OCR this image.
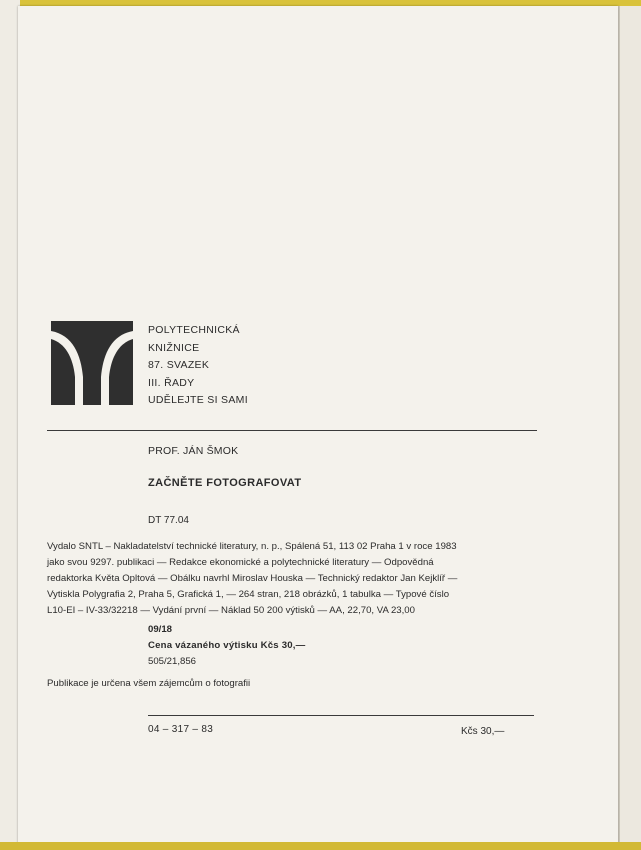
POLYTECHNICKÁ
KNIŽNICE
87. SVAZEK
III. ŘADY
UDĚLEJTE SI SAMI
PROF. JÁN ŠMOK
ZAČNĚTE FOTOGRAFOVAT
DT 77.04
Vydalo SNTL – Nakladatelství technické literatury, n. p., Spálená 51, 113 02 Praha 1 v roce 1983
jako svou 9297. publikaci — Redakce ekonomické a polytechnické literatury — Odpovědná
redaktorka Květa Opltová — Obálku navrhl Miroslav Houska — Technický redaktor Jan Kejklíř —
Vytiskla Polygrafia 2, Praha 5, Grafická 1, — 264 stran, 218 obrázků, 1 tabulka — Typové číslo
L10-EI – IV-33/32218 — Vydání první — Náklad 50 200 výtisků — AA, 22,70, VA 23,00
09/18
Cena vázaného výtisku Kčs 30,—
505/21,856
Publikace je určena všem zájemcům o fotografii
04 – 317 – 83	Kčs 30,—
